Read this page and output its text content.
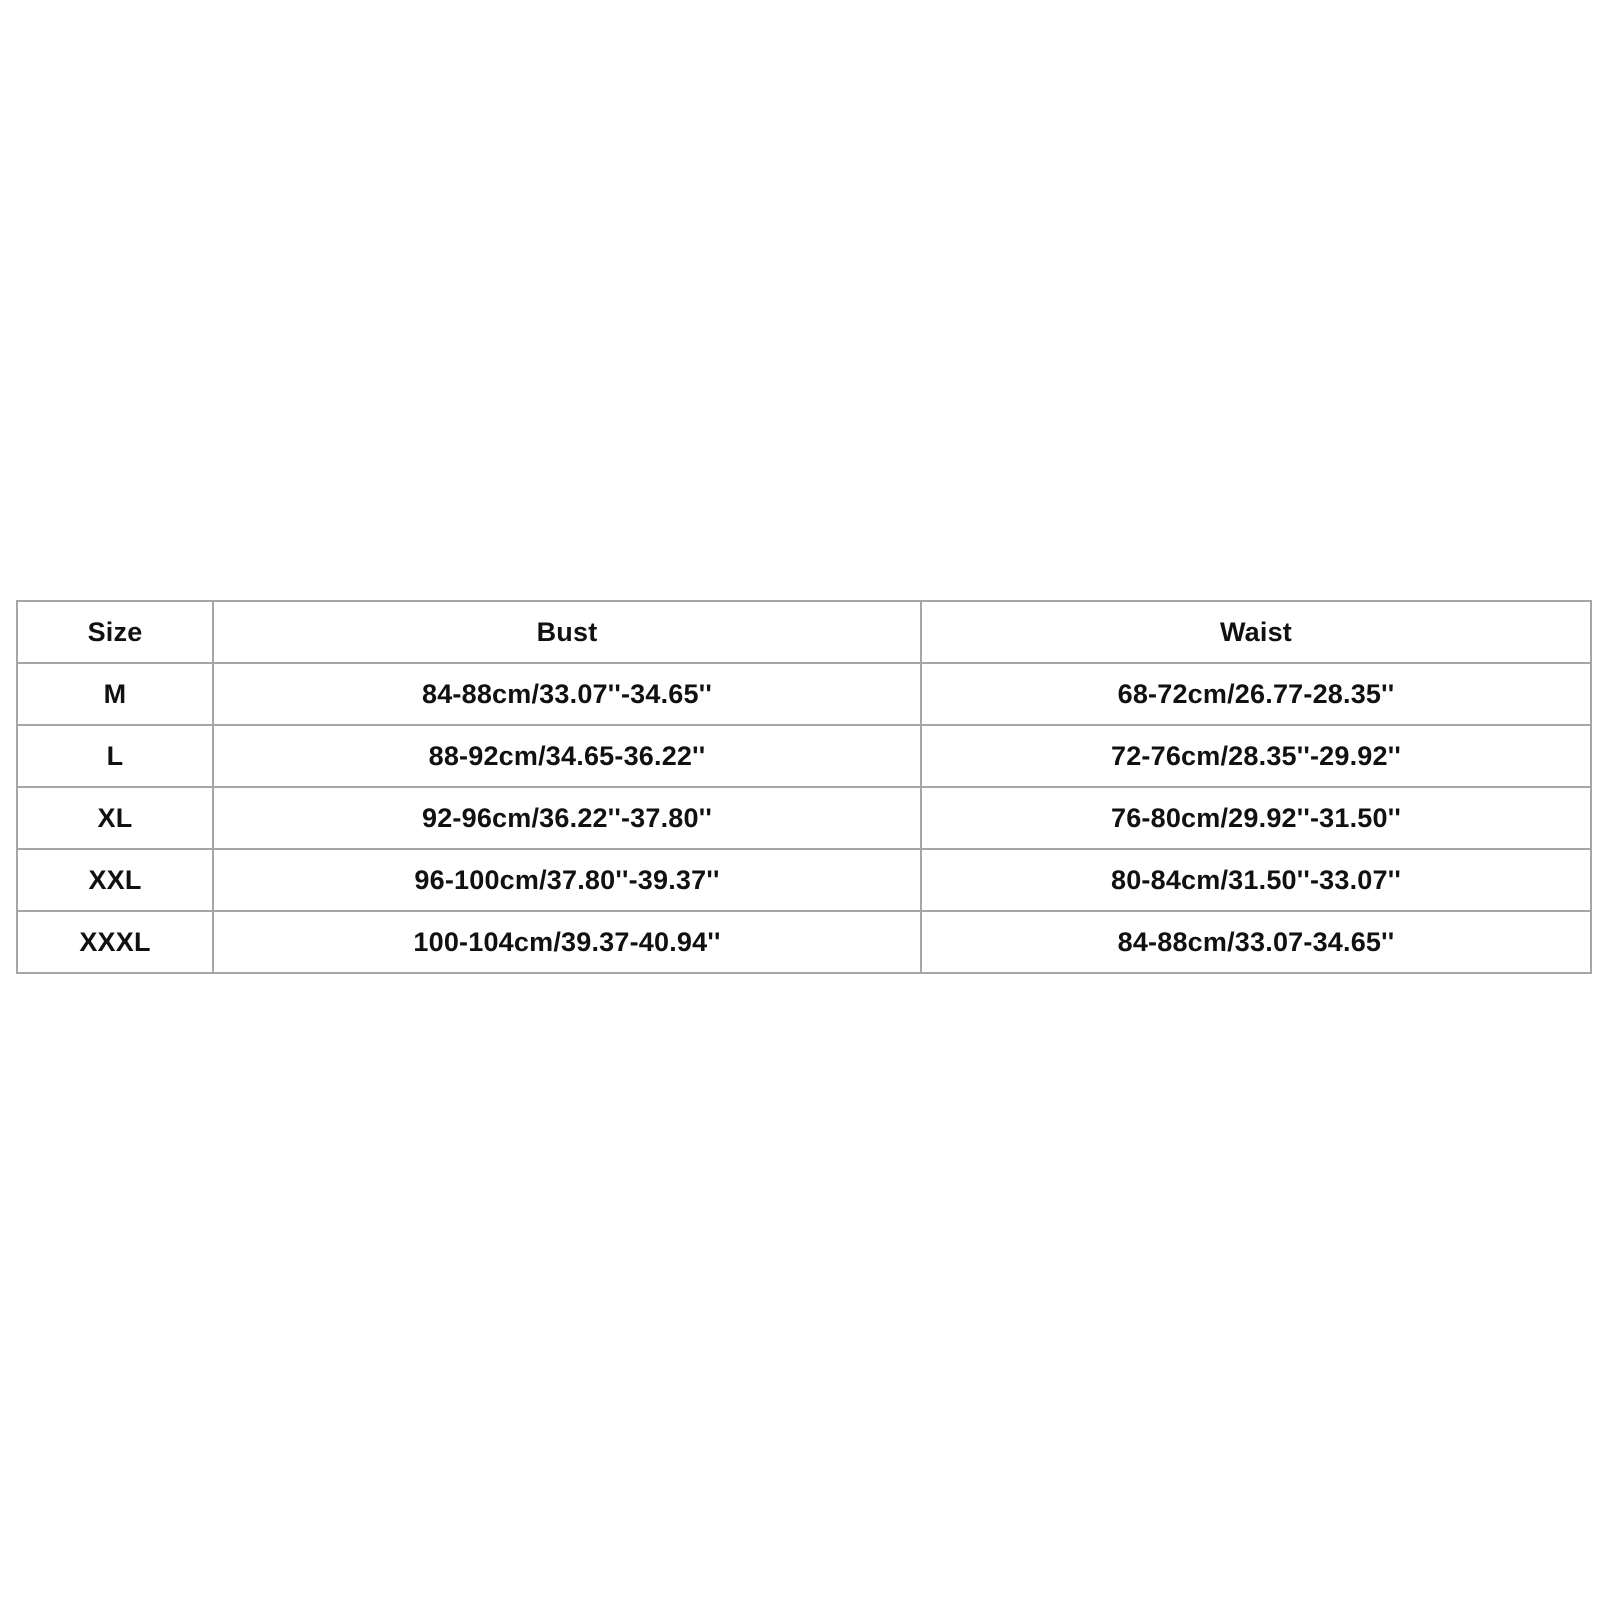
Size	Bust	Waist
M	84-88cm/33.07''-34.65''	68-72cm/26.77-28.35''
L	88-92cm/34.65-36.22''	72-76cm/28.35''-29.92''
XL	92-96cm/36.22''-37.80''	76-80cm/29.92''-31.50''
XXL	96-100cm/37.80''-39.37''	80-84cm/31.50''-33.07''
XXXL	100-104cm/39.37-40.94''	84-88cm/33.07-34.65''
